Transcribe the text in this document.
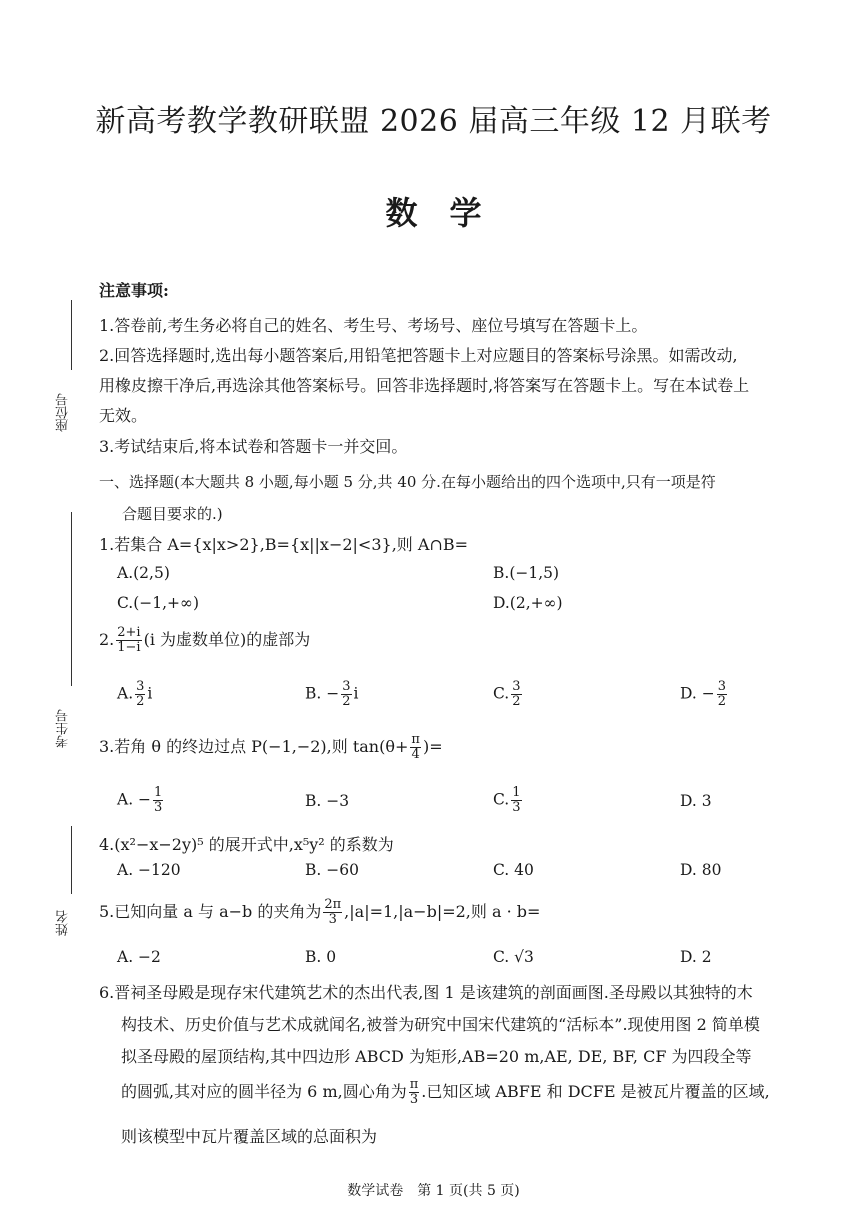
新高考教学教研联盟 2026 届高三年级 12 月联考
数　学
座位号
考生号
姓名
注意事项:
1.答卷前,考生务必将自己的姓名、考生号、考场号、座位号填写在答题卡上。
2.回答选择题时,选出每小题答案后,用铅笔把答题卡上对应题目的答案标号涂黑。如需改动,
用橡皮擦干净后,再选涂其他答案标号。回答非选择题时,将答案写在答题卡上。写在本试卷上
无效。
3.考试结束后,将本试卷和答题卡一并交回。
一、选择题(本大题共 8 小题,每小题 5 分,共 40 分.在每小题给出的四个选项中,只有一项是符
合题目要求的.)
1.若集合 A={x|x>2},B={x||x−2|<3},则 A∩B=
A.(2,5)	B.(−1,5)
C.(−1,+∞)	D.(2,+∞)
2. $\frac{2+i}{1-i} (i$ 为虚数单位)的虚部为
A. $\frac{3}{2}$ i	B. − $\frac{3}{2}$ i	C. $\frac{3}{2}$	D. − $\frac{3}{2}$
3.若角 θ 的终边过点 P(−1,−2),则 $\tan(\theta+ \frac{\pi}{4}$ )=
A. − $\frac{1}{3}$	B. −3	C. $\frac{1}{3}$	D. 3
4.(x²−x−2y)⁵ 的展开式中,x⁵y² 的系数为
A. −120	B. −60	C. 40	D. 80
5.已知向量 a 与 a−b 的夹角为 $\frac{2\pi}{3} ,|a|=1,|a-b|=2$,则 a · b=
A. −2	B. 0	C. √3	D. 2
6.晋祠圣母殿是现存宋代建筑艺术的杰出代表,图 1 是该建筑的剖面画图.圣母殿以其独特的木
构技术、历史价值与艺术成就闻名,被誉为研究中国宋代建筑的“活标本”.现使用图 2 简单模
拟圣母殿的屋顶结构,其中四边形 ABCD 为矩形,AB=20 m,AE, DE, BF, CF 为四段全等
的圆弧,其对应的圆半径为 6 m,圆心角为 $\frac{\pi}{3}$ .已知区域 ABFE 和 DCFE 是被瓦片覆盖的区域,
则该模型中瓦片覆盖区域的总面积为
数学试卷　第 1 页(共 5 页)
